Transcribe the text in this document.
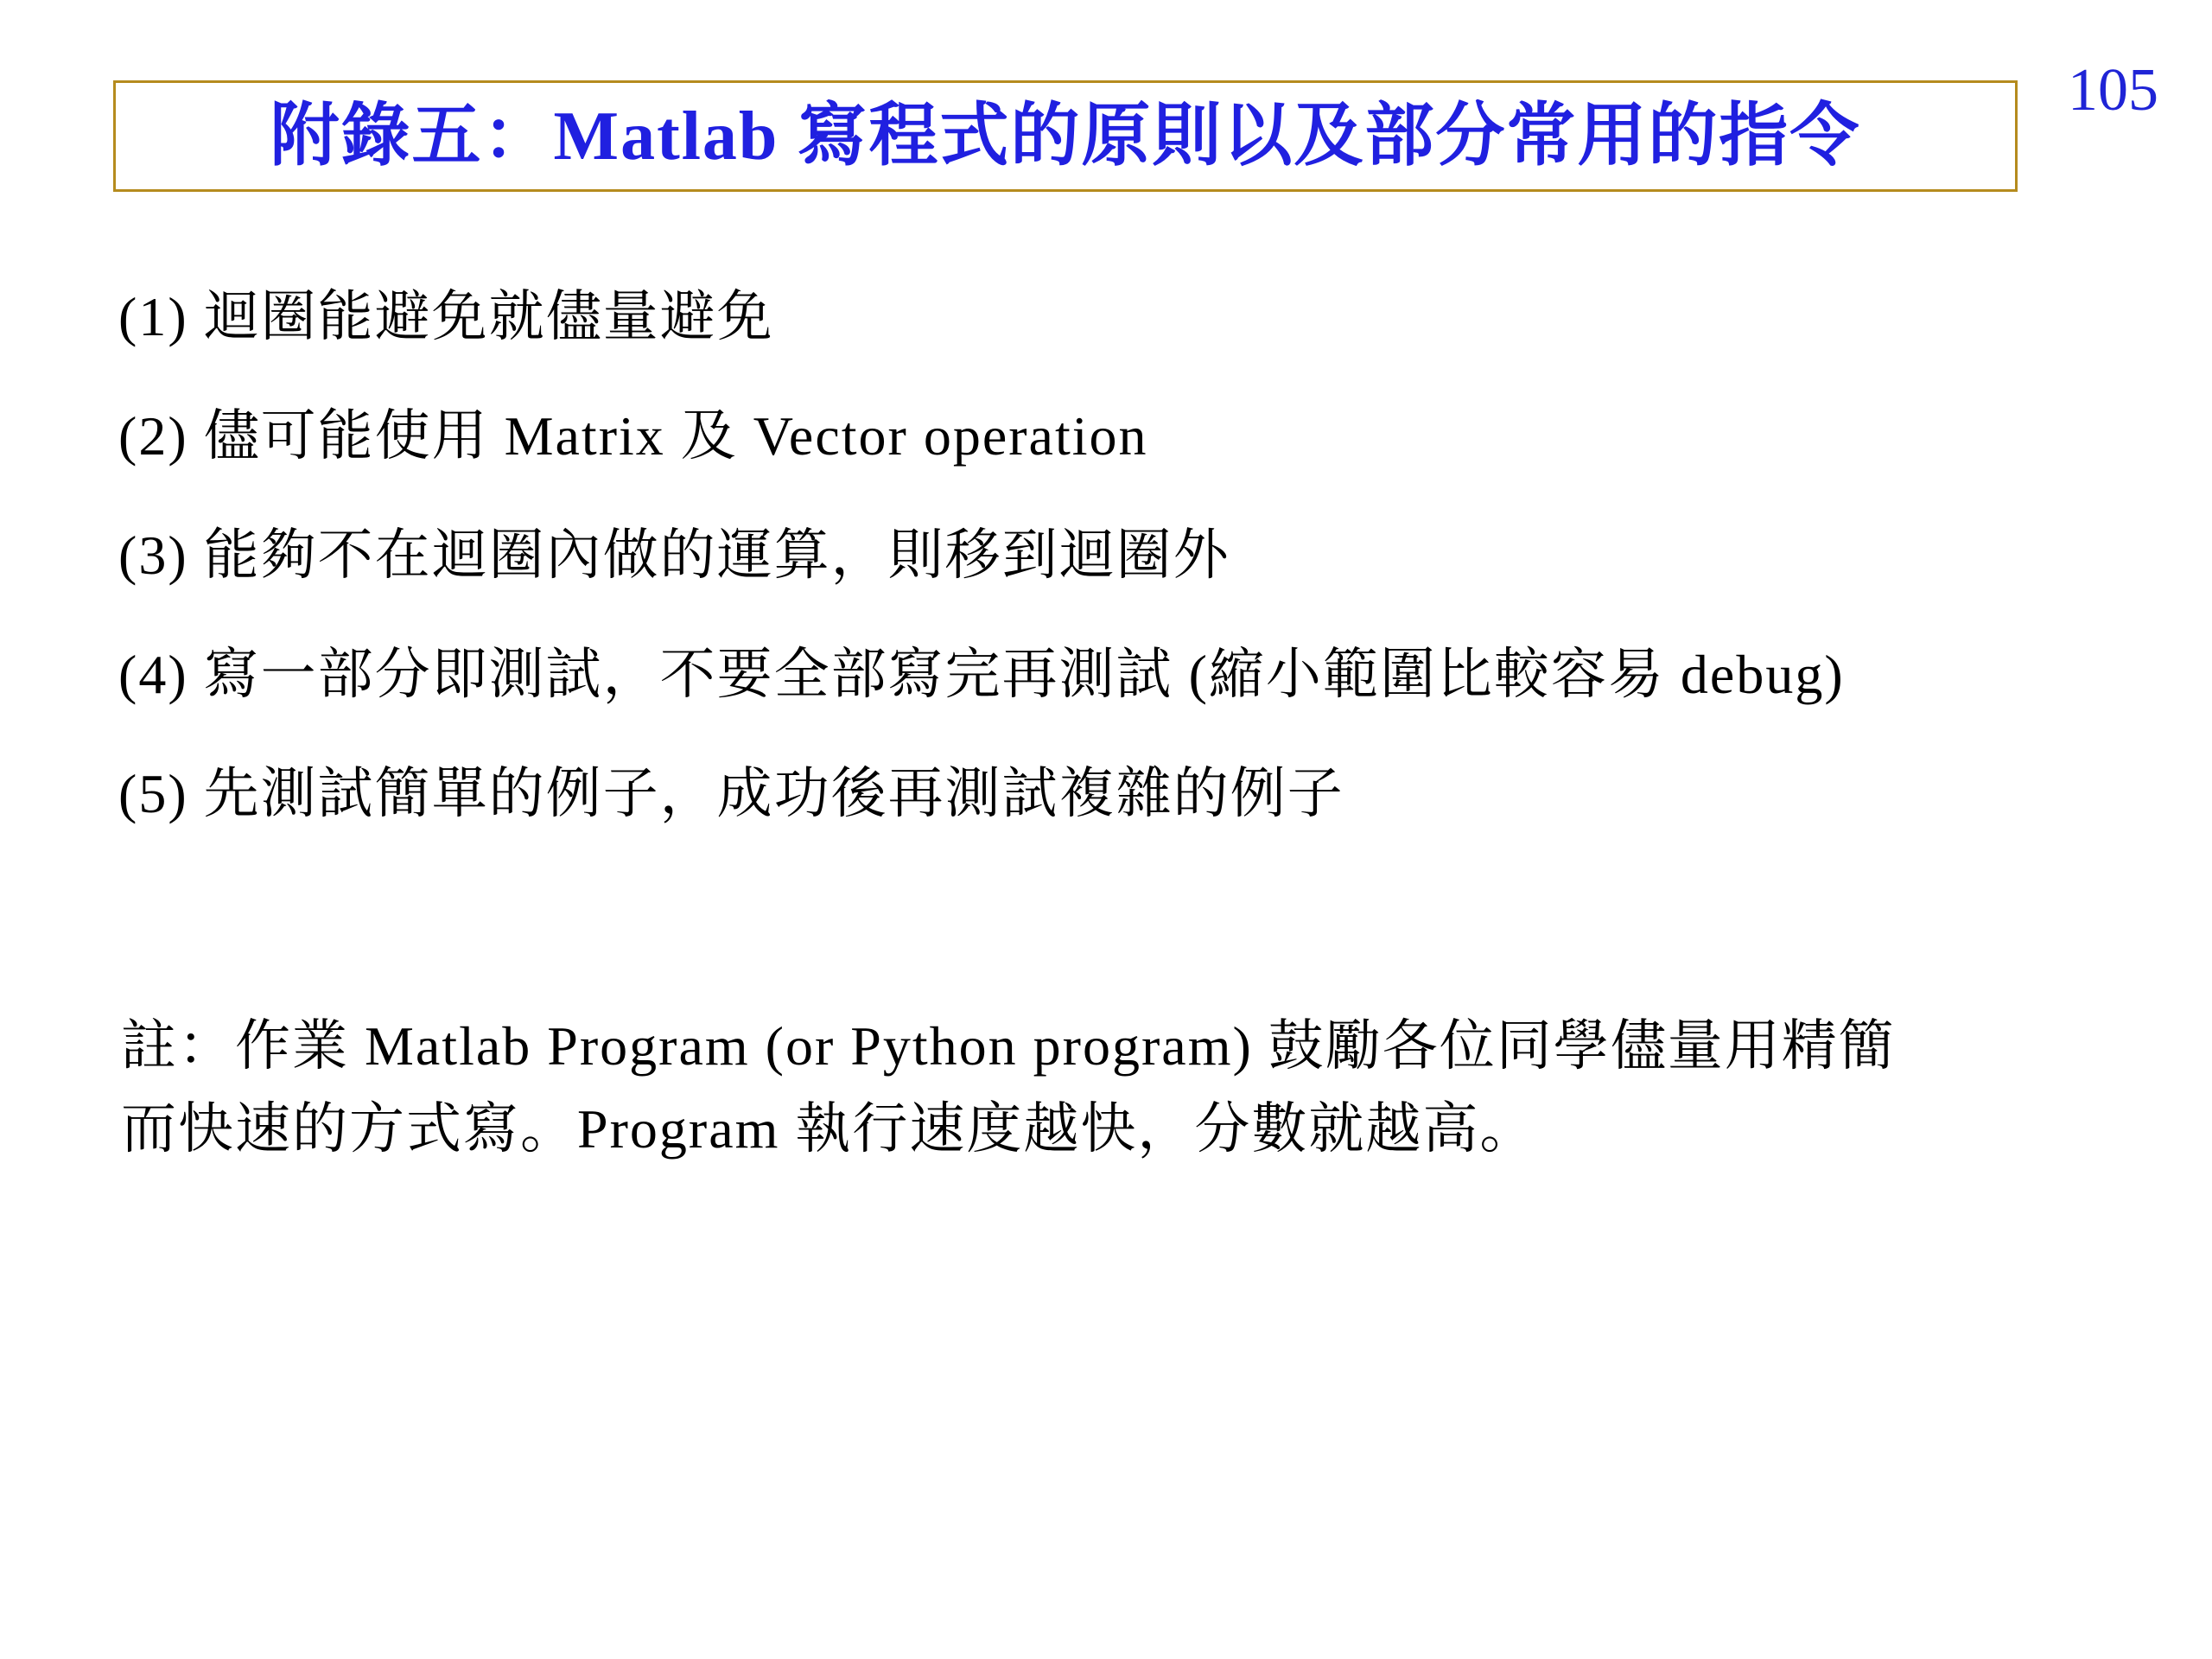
105
附錄五：Matlab 寫程式的原則以及部分常用的指令
(1) 迴圈能避免就儘量避免
(2) 儘可能使用 Matrix 及 Vector operation
(3) 能夠不在迴圈內做的運算，則移到迴圈外
(4) 寫一部分即測試，不要全部寫完再測試 (縮小範圍比較容易 debug)
(5) 先測試簡單的例子，成功後再測試複雜的例子
註：作業 Matlab Program (or Python program) 鼓勵各位同學儘量用精簡
而快速的方式寫。Program 執行速度越快，分數就越高。
